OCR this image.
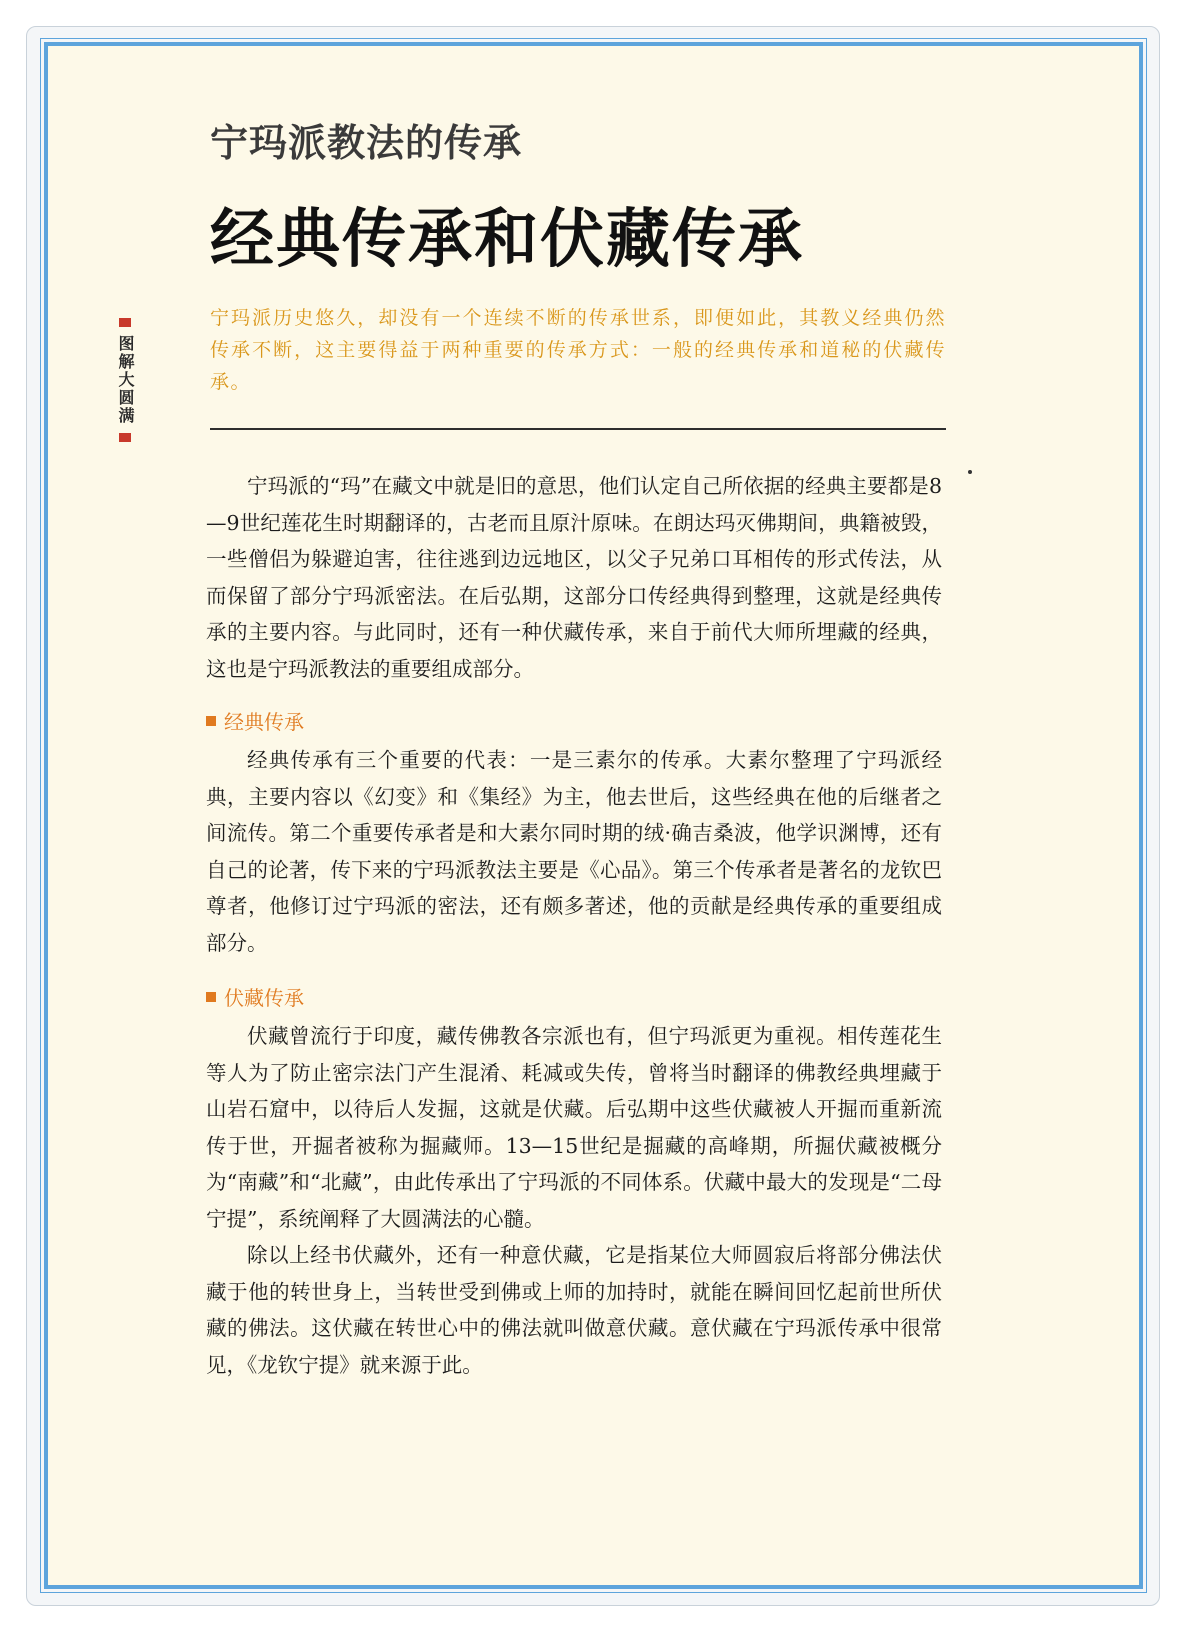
宁玛派教法的传承
经典传承和伏藏传承
图解大圆满
宁玛派历史悠久，却没有一个连续不断的传承世系，即便如此，其教义经典仍然传承不断，这主要得益于两种重要的传承方式：一般的经典传承和道秘的伏藏传承。

宁玛派的“玛”在藏文中就是旧的意思，他们认定自己所依据的经典主要都是8—9世纪莲花生时期翻译的，古老而且原汁原味。在朗达玛灭佛期间，典籍被毁，一些僧侣为躲避迫害，往往逃到边远地区，以父子兄弟口耳相传的形式传法，从而保留了部分宁玛派密法。在后弘期，这部分口传经典得到整理，这就是经典传承的主要内容。与此同时，还有一种伏藏传承，来自于前代大师所埋藏的经典，这也是宁玛派教法的重要组成部分。

经典传承

经典传承有三个重要的代表：一是三素尔的传承。大素尔整理了宁玛派经典，主要内容以《幻变》和《集经》为主，他去世后，这些经典在他的后继者之间流传。第二个重要传承者是和大素尔同时期的绒·确吉桑波，他学识渊博，还有自己的论著，传下来的宁玛派教法主要是《心品》。第三个传承者是著名的龙钦巴尊者，他修订过宁玛派的密法，还有颇多著述，他的贡献是经典传承的重要组成部分。

伏藏传承

伏藏曾流行于印度，藏传佛教各宗派也有，但宁玛派更为重视。相传莲花生等人为了防止密宗法门产生混淆、耗减或失传，曾将当时翻译的佛教经典埋藏于山岩石窟中，以待后人发掘，这就是伏藏。后弘期中这些伏藏被人开掘而重新流传于世，开掘者被称为掘藏师。13—15世纪是掘藏的高峰期，所掘伏藏被概分为“南藏”和“北藏”，由此传承出了宁玛派的不同体系。伏藏中最大的发现是“二母宁提”，系统阐释了大圆满法的心髓。

除以上经书伏藏外，还有一种意伏藏，它是指某位大师圆寂后将部分佛法伏藏于他的转世身上，当转世受到佛或上师的加持时，就能在瞬间回忆起前世所伏藏的佛法。这伏藏在转世心中的佛法就叫做意伏藏。意伏藏在宁玛派传承中很常见，《龙钦宁提》就来源于此。
